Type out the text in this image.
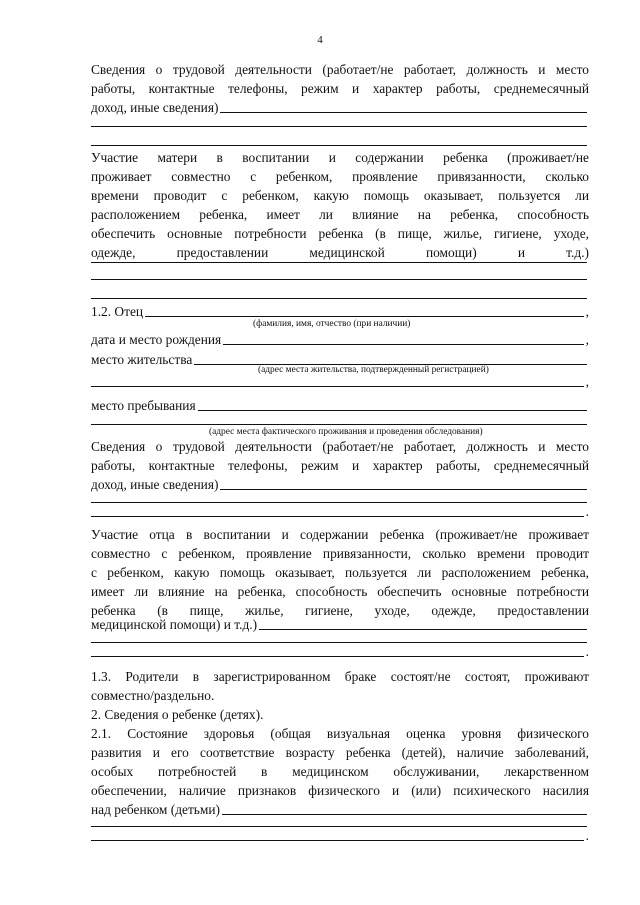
4
Сведения о трудовой деятельности (работает/не работает, должность и место
работы, контактные телефоны, режим и характер работы, среднемесячный
доход, иные сведения)
Участие матери в воспитании и содержании ребенка (проживает/не
проживает совместно с ребенком, проявление привязанности, сколько
времени проводит с ребенком, какую помощь оказывает, пользуется ли
расположением ребенка, имеет ли влияние на ребенка, способность
обеспечить основные потребности ребенка (в пище, жилье, гигиене, уходе,
одежде, предоставлении медицинской помощи) и т.д.)
1.2. Отец	,
(фамилия, имя, отчество (при наличии)
дата и место рождения	,
место жительства
(адрес места жительства, подтвержденный регистрацией)
,
место пребывания
(адрес места фактического проживания и проведения обследования)
Сведения о трудовой деятельности (работает/не работает, должность и место
работы, контактные телефоны, режим и характер работы, среднемесячный
доход, иные сведения)
.
Участие отца в воспитании и содержании ребенка (проживает/не проживает
совместно с ребенком, проявление привязанности, сколько времени проводит
с ребенком, какую помощь оказывает, пользуется ли расположением ребенка,
имеет ли влияние на ребенка, способность обеспечить основные потребности
ребенка (в пище, жилье, гигиене, уходе, одежде, предоставлении
медицинской помощи) и т.д.)
.
1.3. Родители в зарегистрированном браке состоят/не состоят, проживают
совместно/раздельно.
2. Сведения о ребенке (детях).
2.1. Состояние здоровья (общая визуальная оценка уровня физического
развития и его соответствие возрасту ребенка (детей), наличие заболеваний,
особых потребностей в медицинском обслуживании, лекарственном
обеспечении, наличие признаков физического и (или) психического насилия
над ребенком (детьми)
.
